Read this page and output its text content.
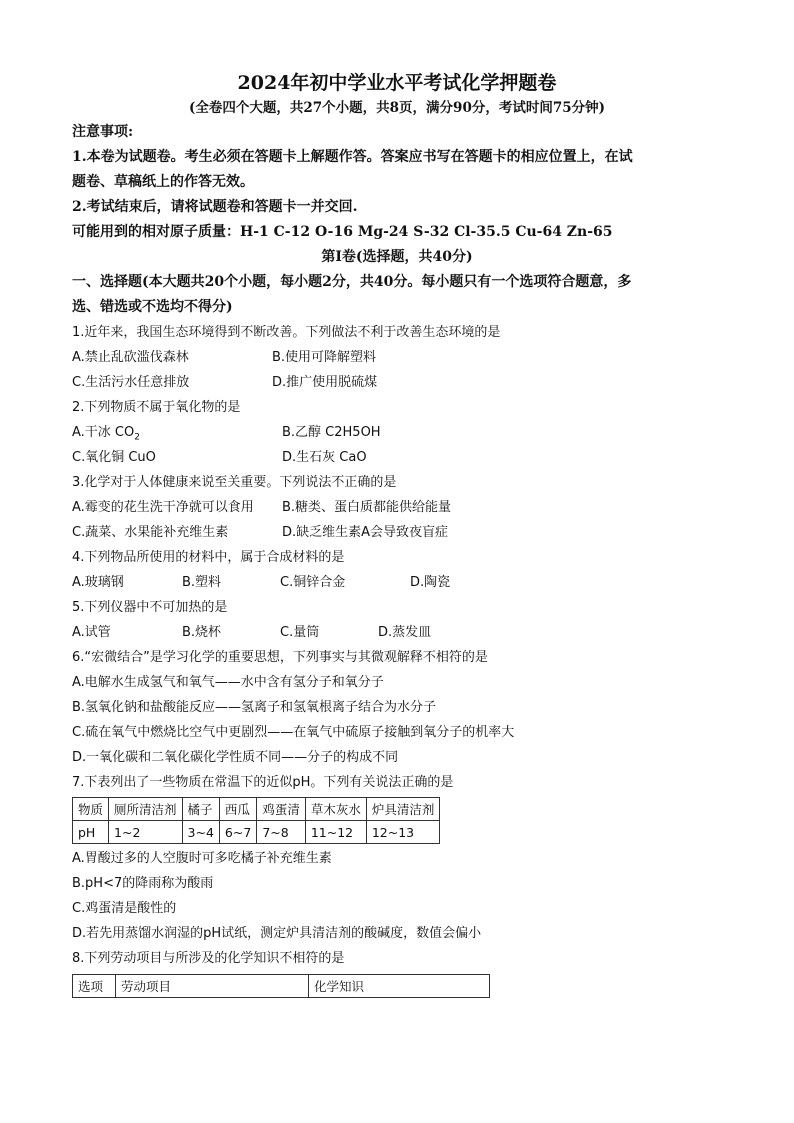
2024年初中学业水平考试化学押题卷
(全卷四个大题，共27个小题，共8页，满分90分，考试时间75分钟)
注意事项:
1.本卷为试题卷。考生必须在答题卡上解题作答。答案应书写在答题卡的相应位置上，在试
题卷、草稿纸上的作答无效。
2.考试结束后，请将试题卷和答题卡一并交回.
可能用到的相对原子质量：H-1 C-12 O-16 Mg-24 S-32 Cl-35.5 Cu-64 Zn-65
第Ⅰ卷(选择题，共40分)
一、选择题(本大题共20个小题，每小题2分，共40分。每小题只有一个选项符合题意，多
选、错选或不选均不得分)
1.近年来，我国生态环境得到不断改善。下列做法不利于改善生态环境的是
A.禁止乱砍滥伐森林	B.使用可降解塑料
C.生活污水任意排放	D.推广使用脱硫煤
2.下列物质不属于氧化物的是
A.干冰 $CO_2$	B.乙醇 C2H5OH
C.氧化铜 CuO	D.生石灰 CaO
3.化学对于人体健康来说至关重要。下列说法不正确的是
A.霉变的花生洗干净就可以食用	B.糖类、蛋白质都能供给能量
C.蔬菜、水果能补充维生素	D.缺乏维生素A会导致夜盲症
4.下列物品所使用的材料中，属于合成材料的是
A.玻璃钢	B.塑料	C.铜锌合金	D.陶瓷
5.下列仪器中不可加热的是
A.试管	B.烧杯	C.量筒	D.蒸发皿
6.“宏微结合”是学习化学的重要思想，下列事实与其微观解释不相符的是
A.电解水生成氢气和氧气——水中含有氢分子和氧分子
B.氢氧化钠和盐酸能反应——氢离子和氢氧根离子结合为水分子
C.硫在氧气中燃烧比空气中更剧烈——在氧气中硫原子接触到氧分子的机率大
D.一氧化碳和二氧化碳化学性质不同——分子的构成不同
7.下表列出了一些物质在常温下的近似pH。下列有关说法正确的是
物质	厕所清洁剂	橘子	西瓜	鸡蛋清	草木灰水	炉具清洁剂
pH	1~2	3~4	6~7	7~8	11~12	12~13
A.胃酸过多的人空腹时可多吃橘子补充维生素
B.pH<7的降雨称为酸雨
C.鸡蛋清是酸性的
D.若先用蒸馏水润湿的pH试纸，测定炉具清洁剂的酸碱度，数值会偏小
8.下列劳动项目与所涉及的化学知识不相符的是
选项	劳动项目	化学知识
